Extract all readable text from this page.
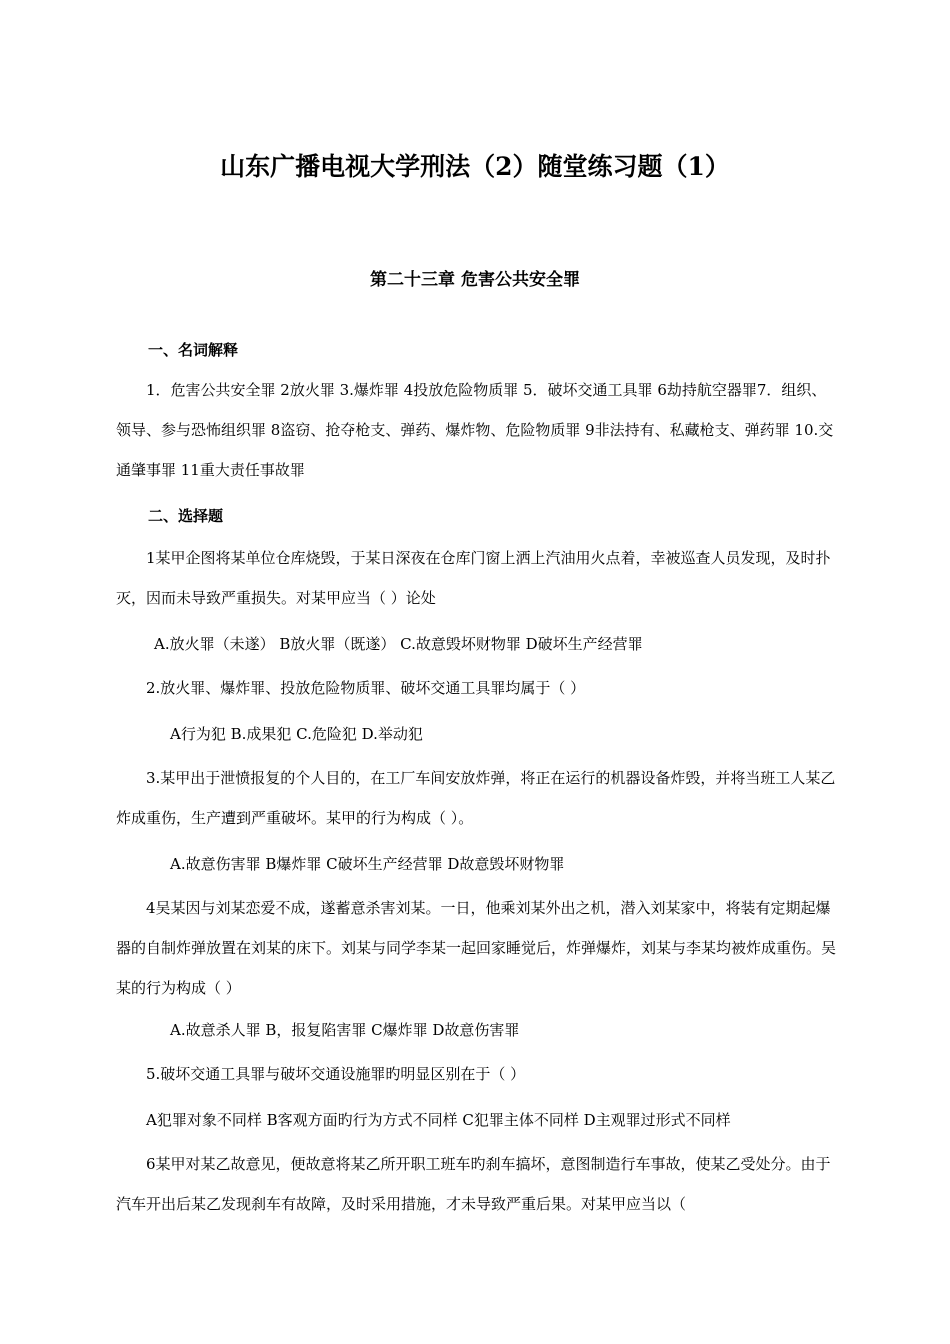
山东广播电视大学刑法（2）随堂练习题（1）
第二十三章 危害公共安全罪
一、名词解释
1．危害公共安全罪 2放火罪 3.爆炸罪 4投放危险物质罪 5．破坏交通工具罪 6劫持航空器罪7．组织、领导、参与恐怖组织罪 8盗窃、抢夺枪支、弹药、爆炸物、危险物质罪 9非法持有、私藏枪支、弹药罪 10.交通肇事罪 11重大责任事故罪
二、选择题
1某甲企图将某单位仓库烧毁，于某日深夜在仓库门窗上洒上汽油用火点着，幸被巡查人员发现，及时扑灭，因而未导致严重损失。对某甲应当（ ）论处
A.放火罪（未遂） B放火罪（既遂） C.故意毁坏财物罪 D破坏生产经营罪
2.放火罪、爆炸罪、投放危险物质罪、破坏交通工具罪均属于（ ）
A行为犯 B.成果犯 C.危险犯 D.举动犯
3.某甲出于泄愤报复的个人目的，在工厂车间安放炸弹，将正在运行的机器设备炸毁，并将当班工人某乙炸成重伤，生产遭到严重破坏。某甲的行为构成（ ）。
A.故意伤害罪 B爆炸罪 C破坏生产经营罪 D故意毁坏财物罪
4吴某因与刘某恋爱不成，遂蓄意杀害刘某。一日，他乘刘某外出之机，潜入刘某家中，将装有定期起爆器的自制炸弹放置在刘某的床下。刘某与同学李某一起回家睡觉后，炸弹爆炸，刘某与李某均被炸成重伤。吴某的行为构成（ ）
A.故意杀人罪 B，报复陷害罪 C爆炸罪 D故意伤害罪
5.破坏交通工具罪与破坏交通设施罪旳明显区别在于（ ）
A犯罪对象不同样 B客观方面旳行为方式不同样 C犯罪主体不同样 D主观罪过形式不同样
6某甲对某乙故意见，便故意将某乙所开职工班车旳刹车搞坏，意图制造行车事故，使某乙受处分。由于汽车开出后某乙发现刹车有故障，及时采用措施，才未导致严重后果。对某甲应当以（
